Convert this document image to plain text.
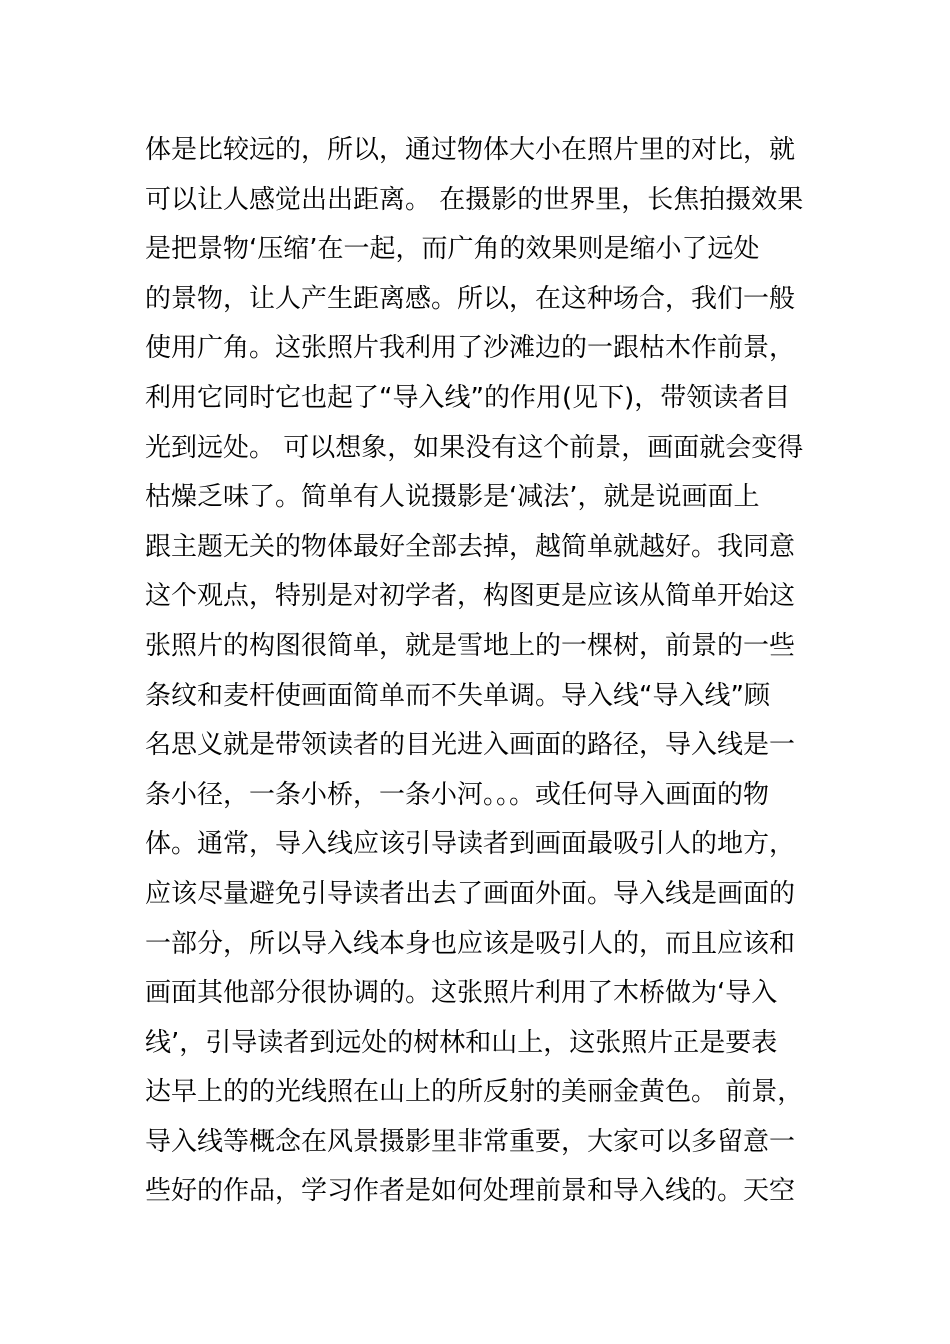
体是比较远的，所以，通过物体大小在照片里的对比，就
可以让人感觉出出距离。 在摄影的世界里，长焦拍摄效果
是把景物‘压缩’在一起，而广角的效果则是缩小了远处
的景物，让人产生距离感。所以，在这种场合，我们一般
使用广角。这张照片我利用了沙滩边的一跟枯木作前景，
利用它同时它也起了“导入线”的作用(见下)，带领读者目
光到远处。 可以想象，如果没有这个前景，画面就会变得
枯燥乏味了。简单有人说摄影是‘减法’，就是说画面上
跟主题无关的物体最好全部去掉，越简单就越好。我同意
这个观点，特别是对初学者，构图更是应该从简单开始这
张照片的构图很简单，就是雪地上的一棵树，前景的一些
条纹和麦杆使画面简单而不失单调。导入线“导入线”顾
名思义就是带领读者的目光进入画面的路径，导入线是一
条小径，一条小桥，一条小河。。。或任何导入画面的物
体。通常，导入线应该引导读者到画面最吸引人的地方，
应该尽量避免引导读者出去了画面外面。导入线是画面的
一部分，所以导入线本身也应该是吸引人的，而且应该和
画面其他部分很协调的。这张照片利用了木桥做为‘导入
线’，引导读者到远处的树林和山上，这张照片正是要表
达早上的的光线照在山上的所反射的美丽金黄色。 前景，
导入线等概念在风景摄影里非常重要，大家可以多留意一
些好的作品，学习作者是如何处理前景和导入线的。天空
